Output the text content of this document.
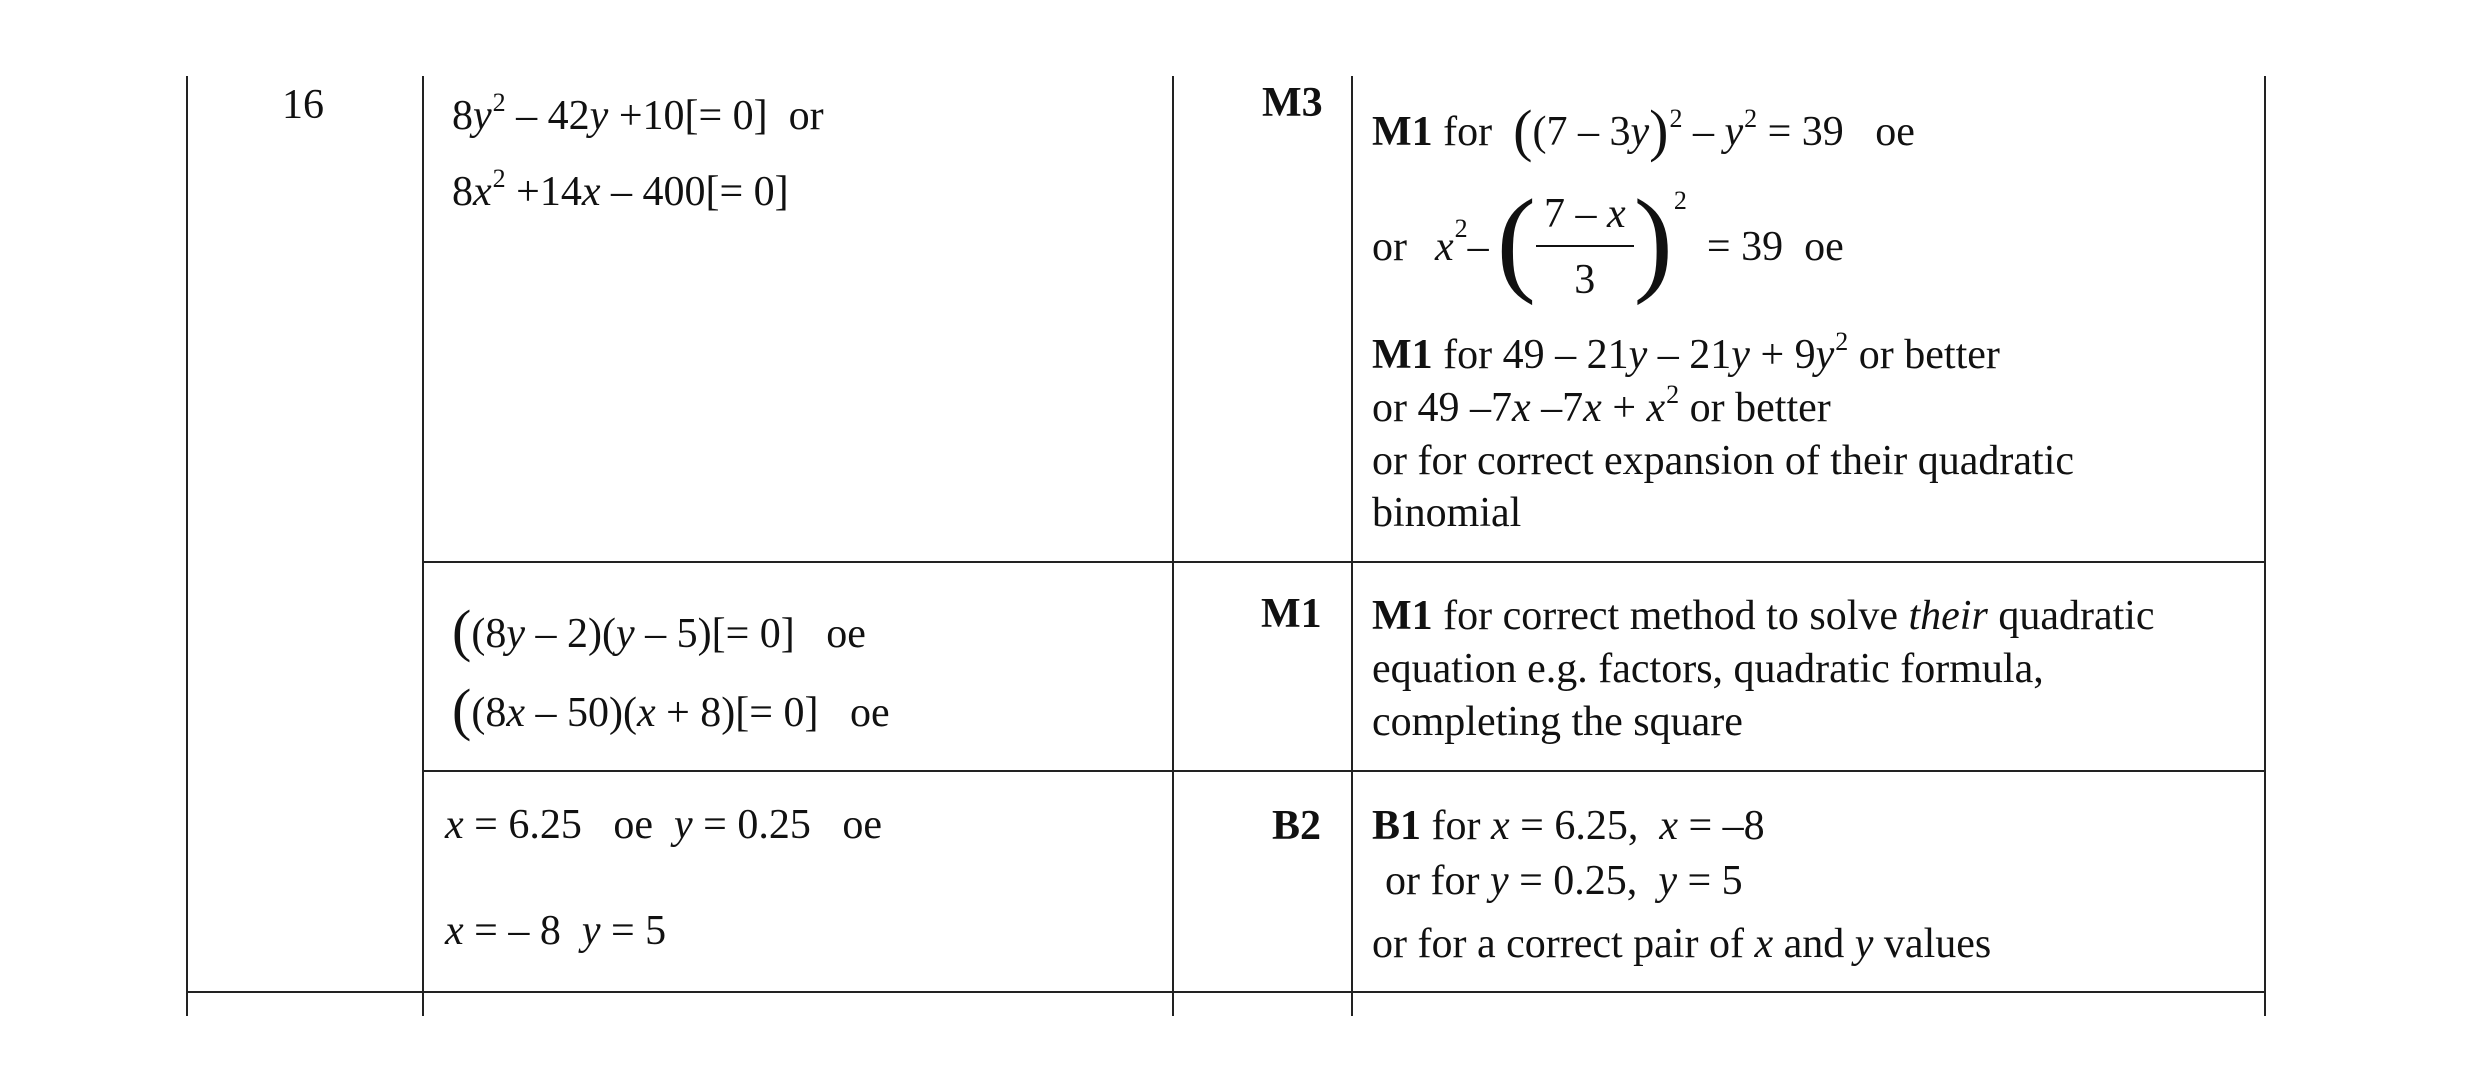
16	$8y^2 - 42y +10[= 0]$ or
$8x^2 +14x - 400[= 0]$
M3
M1 for ($(7 - 3y)^2 - y^2 = 39$ oe
or x 2 – ( $\frac{7 - x}{3}$ ) 2
= 39
oe
M1 for $49 - 21y - 21y + 9y^2$ or better
or 49 –7x $-7x + x^2$ or better
or for correct expansion of their quadratic
binomial
((8y – 2)(y – 5)[= 0] oe
((8x – 50)(x + 8)[= 0] oe
M1 M1 for correct method to solve their quadratic
equation e.g. factors, quadratic formula,
completing the square
x = 6.25 oe y = 0.25 oe
x = – 8 y = 5
B2 B1 for x = 6.25, x = –8
or for y = 0.25, y = 5
or for a correct pair of x and y values
